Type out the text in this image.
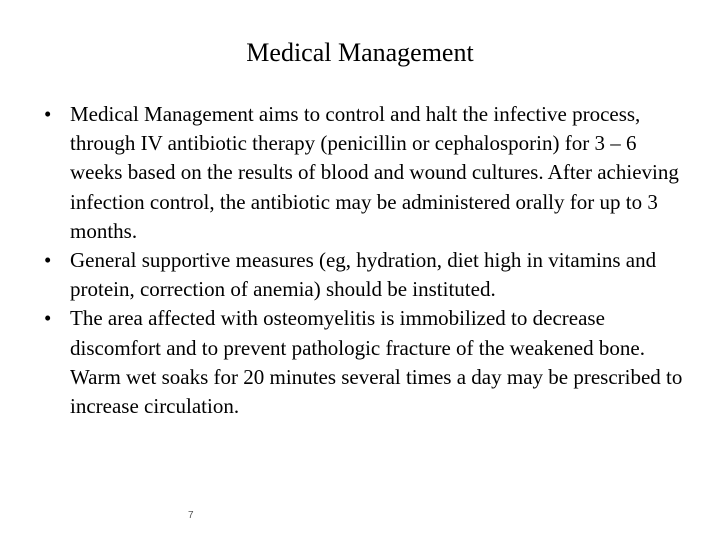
Medical Management
• Medical Management aims to control and halt the infective process, through IV antibiotic therapy (penicillin or cephalosporin) for 3 – 6 weeks based on the results of blood and wound cultures. After achieving infection control, the antibiotic may be administered orally for up to 3 months.
• General supportive measures (eg, hydration, diet high in vitamins and protein, correction of anemia) should be instituted.
• The area affected with osteomyelitis is immobilized to decrease discomfort and to prevent pathologic fracture of the weakened bone. Warm wet soaks for 20 minutes several times a day may be prescribed to increase circulation.
7
